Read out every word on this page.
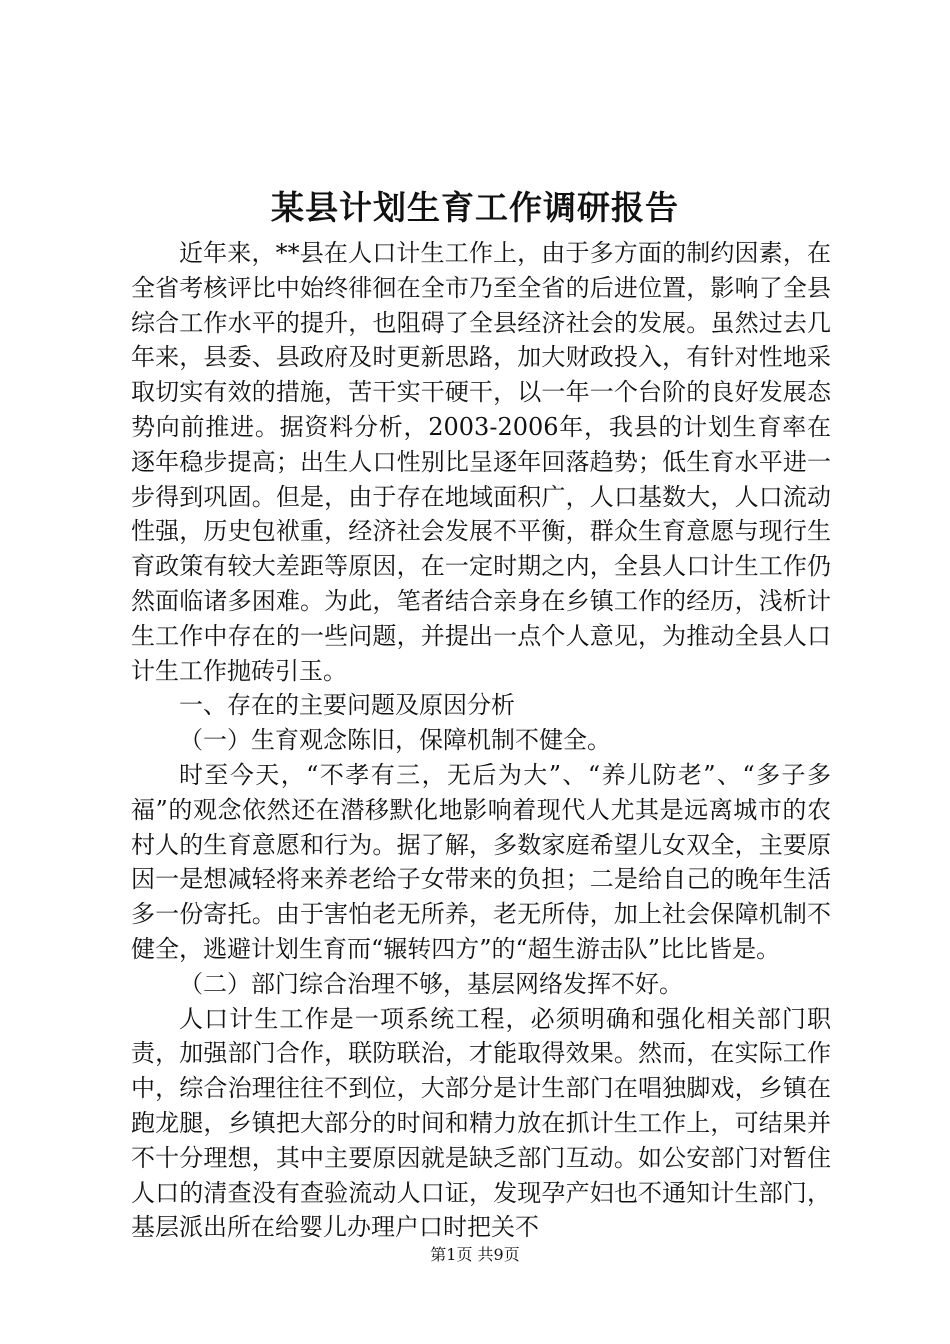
某县计划生育工作调研报告

近年来，**县在人口计生工作上，由于多方面的制约因素，在全省考核评比中始终徘徊在全市乃至全省的后进位置，影响了全县综合工作水平的提升，也阻碍了全县经济社会的发展。虽然过去几年来，县委、县政府及时更新思路，加大财政投入，有针对性地采取切实有效的措施，苦干实干硬干，以一年一个台阶的良好发展态势向前推进。据资料分析，2003-2006年，我县的计划生育率在逐年稳步提高；出生人口性别比呈逐年回落趋势；低生育水平进一步得到巩固。但是，由于存在地域面积广，人口基数大，人口流动性强，历史包袱重，经济社会发展不平衡，群众生育意愿与现行生育政策有较大差距等原因，在一定时期之内，全县人口计生工作仍然面临诸多困难。为此，笔者结合亲身在乡镇工作的经历，浅析计生工作中存在的一些问题，并提出一点个人意见，为推动全县人口计生工作抛砖引玉。

一、存在的主要问题及原因分析

（一）生育观念陈旧，保障机制不健全。

时至今天，“不孝有三，无后为大”、“养儿防老”、“多子多福”的观念依然还在潜移默化地影响着现代人尤其是远离城市的农村人的生育意愿和行为。据了解，多数家庭希望儿女双全，主要原因一是想减轻将来养老给子女带来的负担；二是给自己的晚年生活多一份寄托。由于害怕老无所养，老无所侍，加上社会保障机制不健全，逃避计划生育而“辗转四方”的“超生游击队”比比皆是。

（二）部门综合治理不够，基层网络发挥不好。

人口计生工作是一项系统工程，必须明确和强化相关部门职责，加强部门合作，联防联治，才能取得效果。然而，在实际工作中，综合治理往往不到位，大部分是计生部门在唱独脚戏，乡镇在跑龙腿，乡镇把大部分的时间和精力放在抓计生工作上，可结果并不十分理想，其中主要原因就是缺乏部门互动。如公安部门对暂住人口的清查没有查验流动人口证，发现孕产妇也不通知计生部门，基层派出所在给婴儿办理户口时把关不

第1页 共9页
